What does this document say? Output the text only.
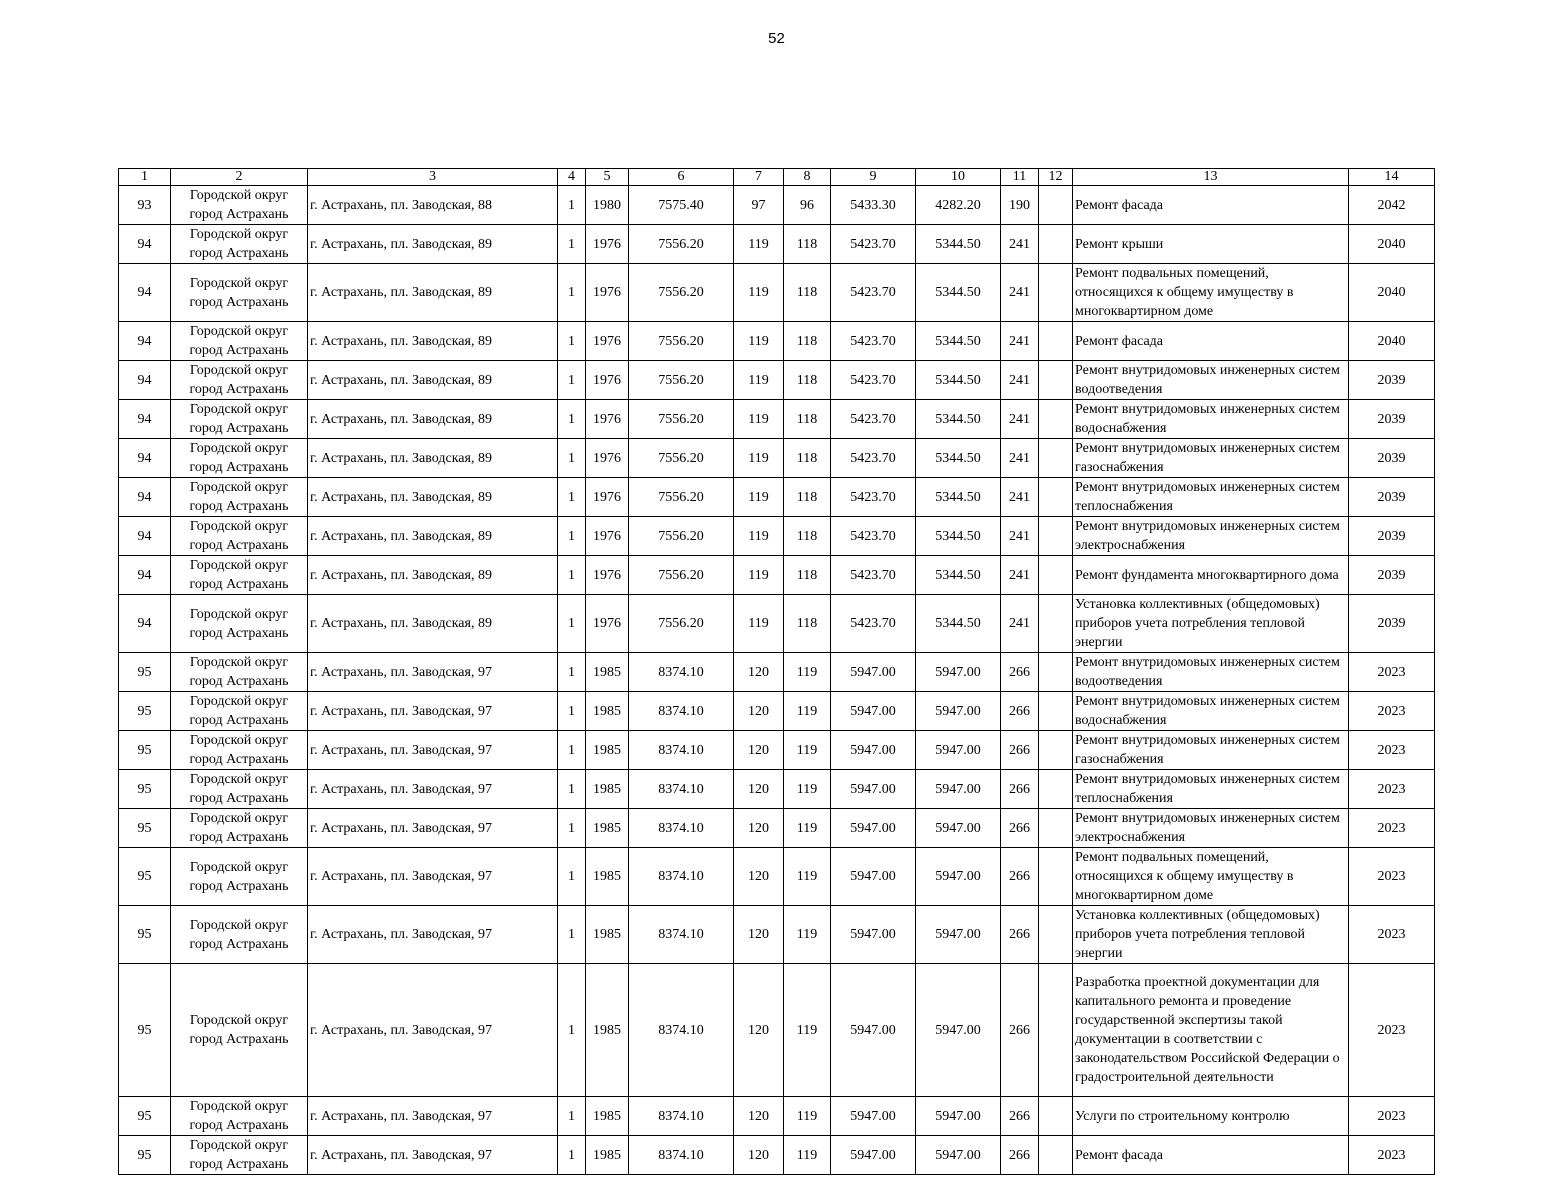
52
1	2	3	4	5	6	7	8	9	10	11	12	13	14
93	Городской округ город Астрахань	г. Астрахань, пл. Заводская, 88	1	1980	7575.40	97	96	5433.30	4282.20	190		Ремонт фасада	2042
94	Городской округ город Астрахань	г. Астрахань, пл. Заводская, 89	1	1976	7556.20	119	118	5423.70	5344.50	241		Ремонт крыши	2040
94	Городской округ город Астрахань	г. Астрахань, пл. Заводская, 89	1	1976	7556.20	119	118	5423.70	5344.50	241		Ремонт подвальных помещений, относящихся к общему имуществу в многоквартирном доме	2040
94	Городской округ город Астрахань	г. Астрахань, пл. Заводская, 89	1	1976	7556.20	119	118	5423.70	5344.50	241		Ремонт фасада	2040
94	Городской округ город Астрахань	г. Астрахань, пл. Заводская, 89	1	1976	7556.20	119	118	5423.70	5344.50	241		Ремонт внутридомовых инженерных систем водоотведения	2039
94	Городской округ город Астрахань	г. Астрахань, пл. Заводская, 89	1	1976	7556.20	119	118	5423.70	5344.50	241		Ремонт внутридомовых инженерных систем водоснабжения	2039
94	Городской округ город Астрахань	г. Астрахань, пл. Заводская, 89	1	1976	7556.20	119	118	5423.70	5344.50	241		Ремонт внутридомовых инженерных систем газоснабжения	2039
94	Городской округ город Астрахань	г. Астрахань, пл. Заводская, 89	1	1976	7556.20	119	118	5423.70	5344.50	241		Ремонт внутридомовых инженерных систем теплоснабжения	2039
94	Городской округ город Астрахань	г. Астрахань, пл. Заводская, 89	1	1976	7556.20	119	118	5423.70	5344.50	241		Ремонт внутридомовых инженерных систем электроснабжения	2039
94	Городской округ город Астрахань	г. Астрахань, пл. Заводская, 89	1	1976	7556.20	119	118	5423.70	5344.50	241		Ремонт фундамента многоквартирного дома	2039
94	Городской округ город Астрахань	г. Астрахань, пл. Заводская, 89	1	1976	7556.20	119	118	5423.70	5344.50	241		Установка коллективных (общедомовых) приборов учета потребления тепловой энергии	2039
95	Городской округ город Астрахань	г. Астрахань, пл. Заводская, 97	1	1985	8374.10	120	119	5947.00	5947.00	266		Ремонт внутридомовых инженерных систем водоотведения	2023
95	Городской округ город Астрахань	г. Астрахань, пл. Заводская, 97	1	1985	8374.10	120	119	5947.00	5947.00	266		Ремонт внутридомовых инженерных систем водоснабжения	2023
95	Городской округ город Астрахань	г. Астрахань, пл. Заводская, 97	1	1985	8374.10	120	119	5947.00	5947.00	266		Ремонт внутридомовых инженерных систем газоснабжения	2023
95	Городской округ город Астрахань	г. Астрахань, пл. Заводская, 97	1	1985	8374.10	120	119	5947.00	5947.00	266		Ремонт внутридомовых инженерных систем теплоснабжения	2023
95	Городской округ город Астрахань	г. Астрахань, пл. Заводская, 97	1	1985	8374.10	120	119	5947.00	5947.00	266		Ремонт внутридомовых инженерных систем электроснабжения	2023
95	Городской округ город Астрахань	г. Астрахань, пл. Заводская, 97	1	1985	8374.10	120	119	5947.00	5947.00	266		Ремонт подвальных помещений, относящихся к общему имуществу в многоквартирном доме	2023
95	Городской округ город Астрахань	г. Астрахань, пл. Заводская, 97	1	1985	8374.10	120	119	5947.00	5947.00	266		Установка коллективных (общедомовых) приборов учета потребления тепловой энергии	2023
95	Городской округ город Астрахань	г. Астрахань, пл. Заводская, 97	1	1985	8374.10	120	119	5947.00	5947.00	266		Разработка проектной документации для капитального ремонта и проведение государственной экспертизы такой документации в соответствии с законодательством Российской Федерации о градостроительной деятельности	2023
95	Городской округ город Астрахань	г. Астрахань, пл. Заводская, 97	1	1985	8374.10	120	119	5947.00	5947.00	266		Услуги по строительному контролю	2023
95	Городской округ город Астрахань	г. Астрахань, пл. Заводская, 97	1	1985	8374.10	120	119	5947.00	5947.00	266		Ремонт фасада	2023
